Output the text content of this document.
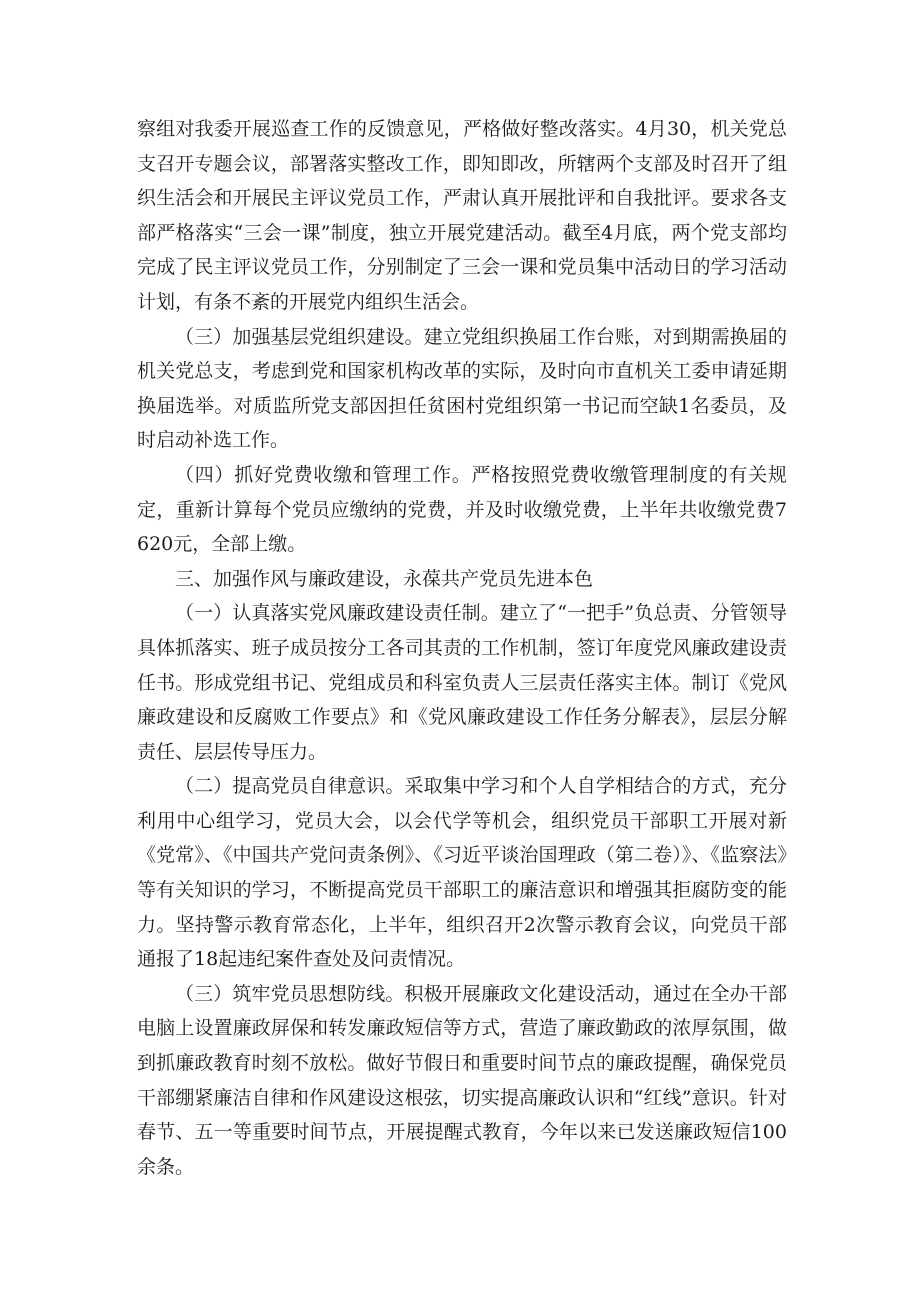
察组对我委开展巡查工作的反馈意见，严格做好整改落实。4月30，机关党总支召开专题会议，部署落实整改工作，即知即改，所辖两个支部及时召开了组织生活会和开展民主评议党员工作，严肃认真开展批评和自我批评。要求各支部严格落实“三会一课”制度，独立开展党建活动。截至4月底，两个党支部均完成了民主评议党员工作，分别制定了三会一课和党员集中活动日的学习活动计划，有条不紊的开展党内组织生活会。

（三）加强基层党组织建设。建立党组织换届工作台账，对到期需换届的机关党总支，考虑到党和国家机构改革的实际，及时向市直机关工委申请延期换届选举。对质监所党支部因担任贫困村党组织第一书记而空缺1名委员，及时启动补选工作。

（四）抓好党费收缴和管理工作。严格按照党费收缴管理制度的有关规定，重新计算每个党员应缴纳的党费，并及时收缴党费，上半年共收缴党费7620元，全部上缴。

三、加强作风与廉政建设，永葆共产党员先进本色

（一）认真落实党风廉政建设责任制。建立了“一把手”负总责、分管领导具体抓落实、班子成员按分工各司其责的工作机制，签订年度党风廉政建设责任书。形成党组书记、党组成员和科室负责人三层责任落实主体。制订《党风廉政建设和反腐败工作要点》和《党风廉政建设工作任务分解表》，层层分解责任、层层传导压力。

（二）提高党员自律意识。采取集中学习和个人自学相结合的方式，充分利用中心组学习，党员大会，以会代学等机会，组织党员干部职工开展对新《党常》、《中国共产党问责条例》、《习近平谈治国理政（第二卷）》、《监察法》等有关知识的学习，不断提高党员干部职工的廉洁意识和增强其拒腐防变的能力。坚持警示教育常态化，上半年，组织召开2次警示教育会议，向党员干部通报了18起违纪案件查处及问责情况。

（三）筑牢党员思想防线。积极开展廉政文化建设活动，通过在全办干部电脑上设置廉政屏保和转发廉政短信等方式，营造了廉政勤政的浓厚氛围，做到抓廉政教育时刻不放松。做好节假日和重要时间节点的廉政提醒，确保党员干部绷紧廉洁自律和作风建设这根弦，切实提高廉政认识和“红线”意识。针对春节、五一等重要时间节点，开展提醒式教育，今年以来已发送廉政短信100余条。
